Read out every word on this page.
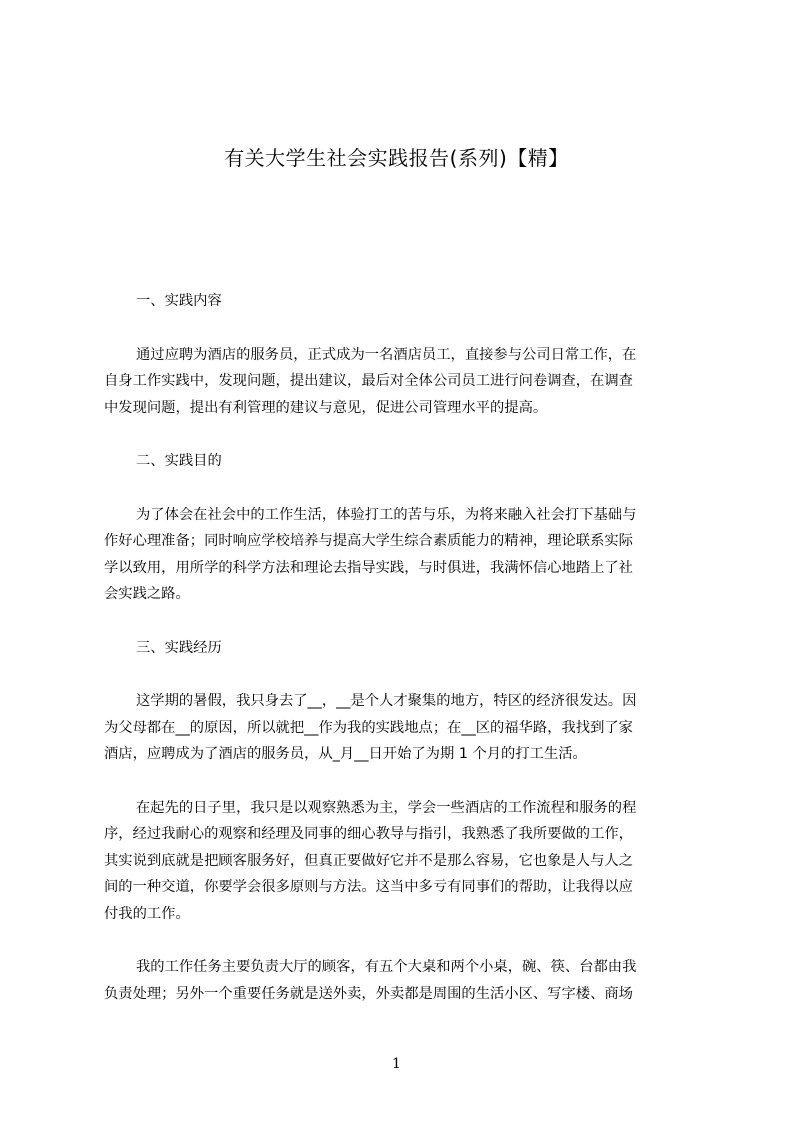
有关大学生社会实践报告(系列)【精】

一、实践内容

通过应聘为酒店的服务员，正式成为一名酒店员工，直接参与公司日常工作，在
自身工作实践中，发现问题，提出建议，最后对全体公司员工进行问卷调查，在调查
中发现问题，提出有利管理的建议与意见，促进公司管理水平的提高。

二、实践目的

为了体会在社会中的工作生活，体验打工的苦与乐，为将来融入社会打下基础与
作好心理准备；同时响应学校培养与提高大学生综合素质能力的精神，理论联系实际
学以致用，用所学的科学方法和理论去指导实践，与时俱进，我满怀信心地踏上了社
会实践之路。

三、实践经历

这学期的暑假，我只身去了__，__是个人才聚集的地方，特区的经济很发达。因
为父母都在__的原因，所以就把__作为我的实践地点；在__区的福华路，我找到了家
酒店，应聘成为了酒店的服务员，从_月__日开始了为期 1 个月的打工生活。

在起先的日子里，我只是以观察熟悉为主，学会一些酒店的工作流程和服务的程
序，经过我耐心的观察和经理及同事的细心教导与指引，我熟悉了我所要做的工作，
其实说到底就是把顾客服务好，但真正要做好它并不是那么容易，它也象是人与人之
间的一种交道，你要学会很多原则与方法。这当中多亏有同事们的帮助，让我得以应
付我的工作。

我的工作任务主要负责大厅的顾客，有五个大桌和两个小桌，碗、筷、台都由我
负责处理；另外一个重要任务就是送外卖，外卖都是周围的生活小区、写字楼、商场

1
